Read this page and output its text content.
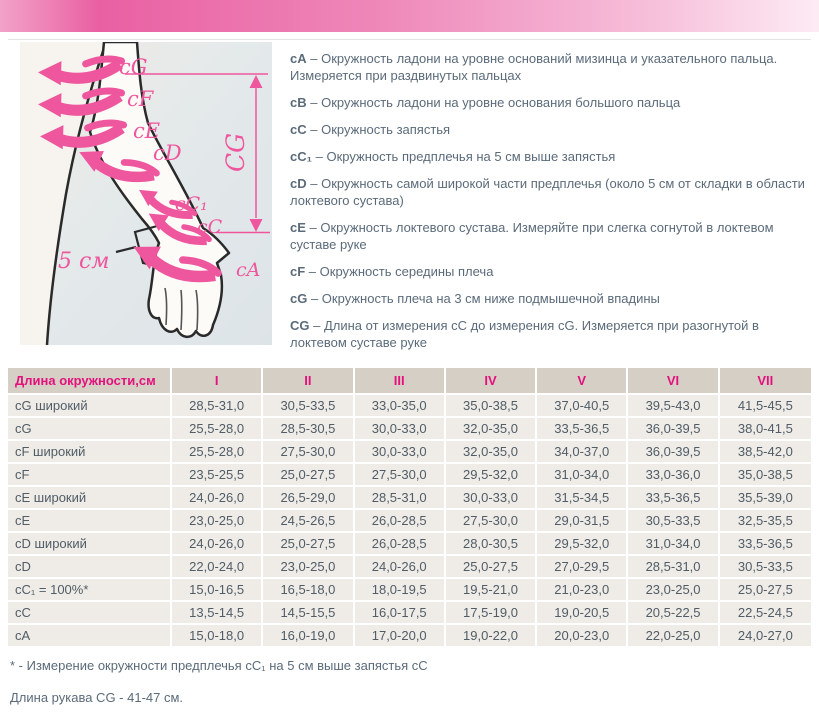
cG
cF
cE
cD
cC₁
cC
cA
5 см
CG
cA – Окружность ладони на уровне оснований мизинца и указательного пальца. Измеряется при раздвинутых пальцах
cB – Окружность ладони на уровне основания большого пальца
cC – Окружность запястья
cC₁ – Окружность предплечья на 5 см выше запястья
cD – Окружность самой широкой части предплечья (около 5 см от складки в области локтевого сустава)
cE – Окружность локтевого сустава. Измеряйте при слегка согнутой в локтевом суставе руке
cF – Окружность середины плеча
cG – Окружность плеча на 3 см ниже подмышечной впадины
CG – Длина от измерения cC до измерения cG. Измеряется при разогнутой в локтевом суставе руке
Длина окружности,см	I	II	III	IV	V	VI	VII
cG широкий	28,5-31,0	30,5-33,5	33,0-35,0	35,0-38,5	37,0-40,5	39,5-43,0	41,5-45,5
cG	25,5-28,0	28,5-30,5	30,0-33,0	32,0-35,0	33,5-36,5	36,0-39,5	38,0-41,5
cF широкий	25,5-28,0	27,5-30,0	30,0-33,0	32,0-35,0	34,0-37,0	36,0-39,5	38,5-42,0
cF	23,5-25,5	25,0-27,5	27,5-30,0	29,5-32,0	31,0-34,0	33,0-36,0	35,0-38,5
cE широкий	24,0-26,0	26,5-29,0	28,5-31,0	30,0-33,0	31,5-34,5	33,5-36,5	35,5-39,0
cE	23,0-25,0	24,5-26,5	26,0-28,5	27,5-30,0	29,0-31,5	30,5-33,5	32,5-35,5
cD широкий	24,0-26,0	25,0-27,5	26,0-28,5	28,0-30,5	29,5-32,0	31,0-34,0	33,5-36,5
cD	22,0-24,0	23,0-25,0	24,0-26,0	25,0-27,5	27,0-29,5	28,5-31,0	30,5-33,5
cC₁ = 100%*	15,0-16,5	16,5-18,0	18,0-19,5	19,5-21,0	21,0-23,0	23,0-25,0	25,0-27,5
cC	13,5-14,5	14,5-15,5	16,0-17,5	17,5-19,0	19,0-20,5	20,5-22,5	22,5-24,5
cA	15,0-18,0	16,0-19,0	17,0-20,0	19,0-22,0	20,0-23,0	22,0-25,0	24,0-27,0
* - Измерение окружности предплечья cC₁ на 5 см выше запястья cC
Длина рукава CG - 41-47 см.
